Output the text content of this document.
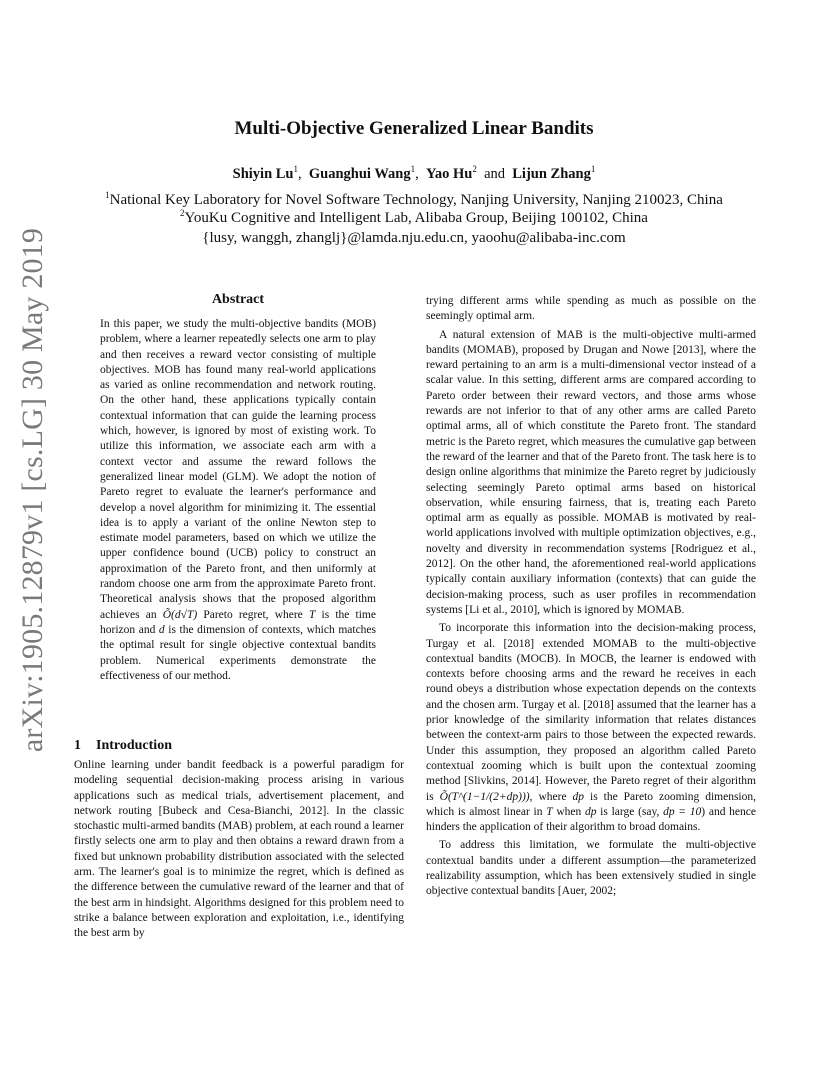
arXiv:1905.12879v1 [cs.LG] 30 May 2019
Multi-Objective Generalized Linear Bandits
Shiyin Lu$^1$,  Guanghui Wang$^1$,  Yao Hu$^2$ and Lijun Zhang$^1$
$^1$National Key Laboratory for Novel Software Technology, Nanjing University, Nanjing 210023, China
$^2$YouKu Cognitive and Intelligent Lab, Alibaba Group, Beijing 100102, China
{lusy, wanggh, zhanglj}@lamda.nju.edu.cn, yaoohu@alibaba-inc.com
Abstract

In this paper, we study the multi-objective bandits (MOB) problem, where a learner repeatedly selects one arm to play and then receives a reward vector consisting of multiple objectives. MOB has found many real-world applications as varied as online recommendation and network routing. On the other hand, these applications typically contain contextual information that can guide the learning process which, however, is ignored by most of existing work. To utilize this information, we associate each arm with a context vector and assume the reward follows the generalized linear model (GLM). We adopt the notion of Pareto regret to evaluate the learner's performance and develop a novel algorithm for minimizing it. The essential idea is to apply a variant of the online Newton step to estimate model parameters, based on which we utilize the upper confidence bound (UCB) policy to construct an approximation of the Pareto front, and then uniformly at random choose one arm from the approximate Pareto front. Theoretical analysis shows that the proposed algorithm achieves an Õ(d√T) Pareto regret, where T is the time horizon and d is the dimension of contexts, which matches the optimal result for single objective contextual bandits problem. Numerical experiments demonstrate the effectiveness of our method.

1 Introduction

Online learning under bandit feedback is a powerful paradigm for modeling sequential decision-making process arising in various applications such as medical trials, advertisement placement, and network routing [Bubeck and Cesa-Bianchi, 2012]. In the classic stochastic multi-armed bandits (MAB) problem, at each round a learner firstly selects one arm to play and then obtains a reward drawn from a fixed but unknown probability distribution associated with the selected arm. The learner's goal is to minimize the regret, which is defined as the difference between the cumulative reward of the learner and that of the best arm in hindsight. Algorithms designed for this problem need to strike a balance between exploration and exploitation, i.e., identifying the best arm by

trying different arms while spending as much as possible on the seemingly optimal arm.

A natural extension of MAB is the multi-objective multi-armed bandits (MOMAB), proposed by Drugan and Nowe [2013], where the reward pertaining to an arm is a multi-dimensional vector instead of a scalar value. In this setting, different arms are compared according to Pareto order between their reward vectors, and those arms whose rewards are not inferior to that of any other arms are called Pareto optimal arms, all of which constitute the Pareto front. The standard metric is the Pareto regret, which measures the cumulative gap between the reward of the learner and that of the Pareto front. The task here is to design online algorithms that minimize the Pareto regret by judiciously selecting seemingly Pareto optimal arms based on historical observation, while ensuring fairness, that is, treating each Pareto optimal arm as equally as possible. MOMAB is motivated by real-world applications involved with multiple optimization objectives, e.g., novelty and diversity in recommendation systems [Rodriguez et al., 2012]. On the other hand, the aforementioned real-world applications typically contain auxiliary information (contexts) that can guide the decision-making process, such as user profiles in recommendation systems [Li et al., 2010], which is ignored by MOMAB.

To incorporate this information into the decision-making process, Turgay et al. [2018] extended MOMAB to the multi-objective contextual bandits (MOCB). In MOCB, the learner is endowed with contexts before choosing arms and the reward he receives in each round obeys a distribution whose expectation depends on the contexts and the chosen arm. Turgay et al. [2018] assumed that the learner has a prior knowledge of the similarity information that relates distances between the context-arm pairs to those between the expected rewards. Under this assumption, they proposed an algorithm called Pareto contextual zooming which is built upon the contextual zooming method [Slivkins, 2014]. However, the Pareto regret of their algorithm is Õ(T^(1−1/(2+dp))), where dp is the Pareto zooming dimension, which is almost linear in T when dp is large (say, dp = 10) and hence hinders the application of their algorithm to broad domains.

To address this limitation, we formulate the multi-objective contextual bandits under a different assumption—the parameterized realizability assumption, which has been extensively studied in single objective contextual bandits [Auer, 2002;
